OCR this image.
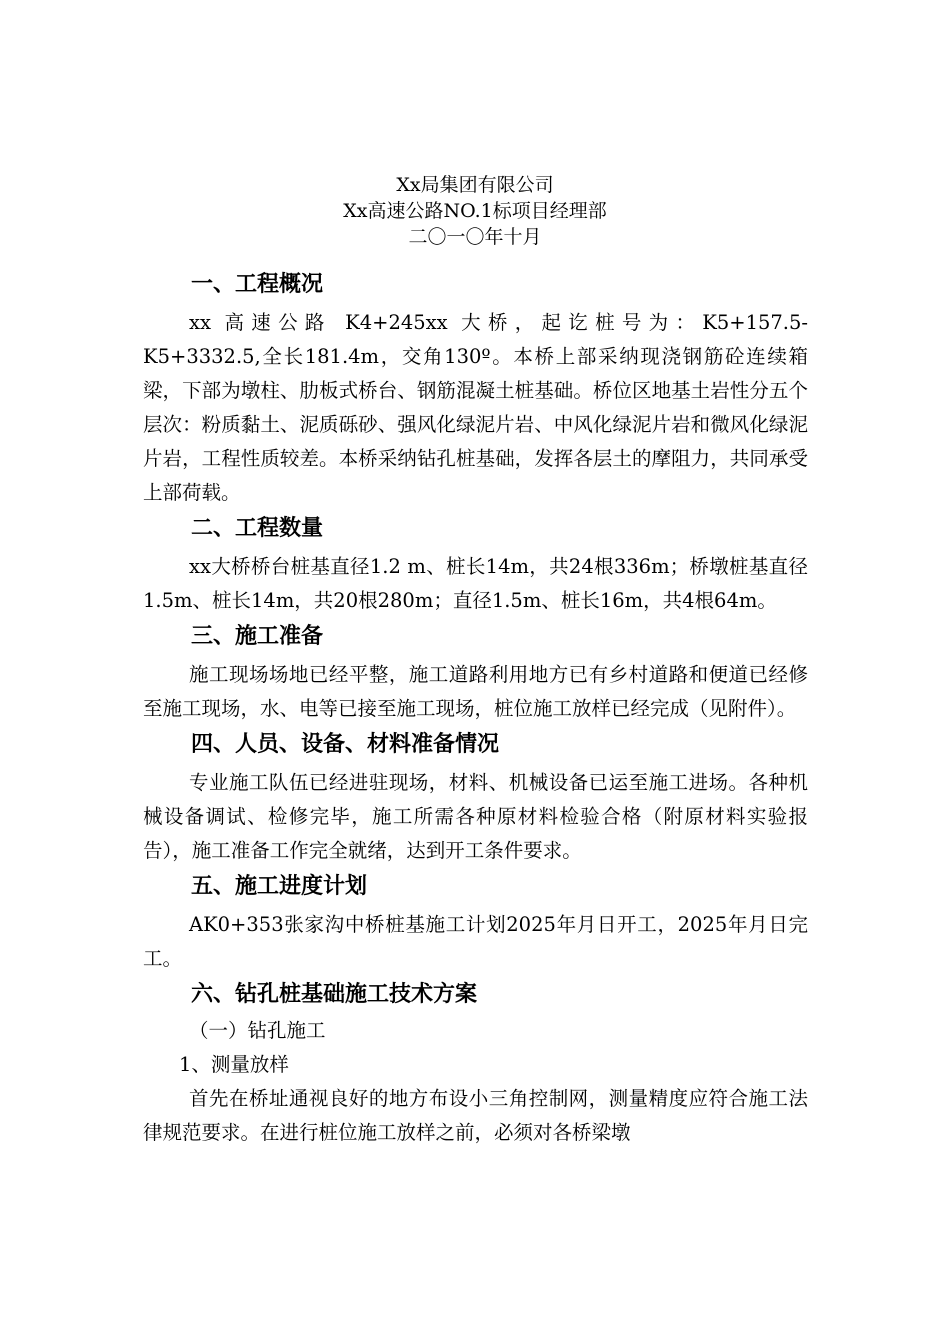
Xx局集团有限公司
Xx高速公路NO.1标项目经理部
二〇一〇年十月
一、工程概况
xx 高速公路 K4+245xx 大桥，起讫桩号为：K5+157.5-K5+3332.5,全长181.4m，交角130º。本桥上部采纳现浇钢筋砼连续箱梁，下部为墩柱、肋板式桥台、钢筋混凝土桩基础。桥位区地基土岩性分五个层次：粉质黏土、泥质砾砂、强风化绿泥片岩、中风化绿泥片岩和微风化绿泥片岩，工程性质较差。本桥采纳钻孔桩基础，发挥各层土的摩阻力，共同承受上部荷载。
二、工程数量
xx大桥桥台桩基直径1.2 m、桩长14m，共24根336m；桥墩桩基直径1.5m、桩长14m，共20根280m；直径1.5m、桩长16m，共4根64m。
三、施工准备
施工现场场地已经平整，施工道路利用地方已有乡村道路和便道已经修至施工现场，水、电等已接至施工现场，桩位施工放样已经完成（见附件）。
四、人员、设备、材料准备情况
专业施工队伍已经进驻现场，材料、机械设备已运至施工进场。各种机械设备调试、检修完毕，施工所需各种原材料检验合格（附原材料实验报告），施工准备工作完全就绪，达到开工条件要求。
五、施工进度计划
AK0+353张家沟中桥桩基施工计划2025年月日开工，2025年月日完工。
六、钻孔桩基础施工技术方案
（一）钻孔施工
1、测量放样
首先在桥址通视良好的地方布设小三角控制网，测量精度应符合施工法律规范要求。在进行桩位施工放样之前，必须对各桥梁墩
